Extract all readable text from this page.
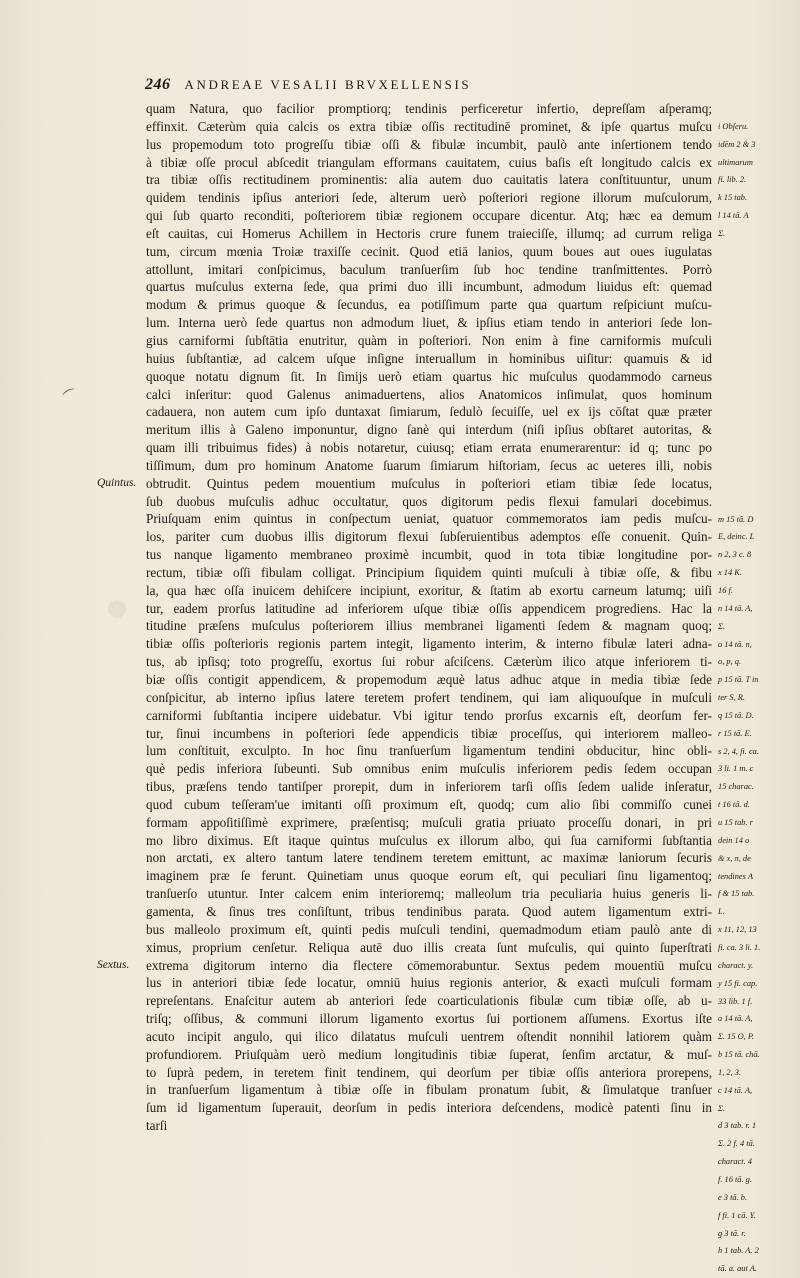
246 ANDREAE VESALII BRVXELLENSIS
Quintus.
Sextus.
quam Natura, quo facilior promptiorq; tendinis perficeretur infertio, depreſſam aſperamq;
effinxit. Cæterùm quia calcis os extra tibiæ oſſis rectitudinē prominet, & ipſe quartus muſcu
lus propemodum toto progreſſu tibiæ oſſi & fibulæ incumbit, paulò ante inſertionem tendo
à tibiæ oſſe procul abſcedit triangulam efformans cauitatem, cuius baſis eſt longitudo calcis ex
tra tibiæ oſſis rectitudinem prominentis: alia autem duo cauitatis latera conſtituuntur, unum
quidem tendinis ipſius anteriori ſede, alterum uerò poſteriori regione illorum muſculorum,
qui ſub quarto reconditi, poſteriorem tibiæ regionem occupare dicentur. Atq; hæc ea demum
eſt cauitas, cui Homerus Achillem in Hectoris crure funem traieciſſe, illumq; ad currum religa
tum, circum mœnia Troiæ traxiſſe cecinit. Quod etiā lanios, quum boues aut oues iugulatas
attollunt, imitari conſpicimus, baculum tranſuerſim ſub hoc tendine tranſmittentes. Porrò
quartus muſculus externa ſede, qua primi duo illi incumbunt, admodum liuidus eſt: quemad
modum & primus quoque & ſecundus, ea potiſſimum parte qua quartum reſpiciunt muſcu-
lum. Interna uerò ſede quartus non admodum liuet, & ipſius etiam tendo in anteriori ſede lon-
gius carniformi ſubſtātia enutritur, quàm in poſteriori. Non enim à fine carniformis muſculi
huius ſubſtantiæ, ad calcem uſque inſigne interuallum in hominibus uiſitur: quamuis & id
quoque notatu dignum ſit. In ſimijs uerò etiam quartus hic muſculus quodammodo carneus
calci inſeritur: quod Galenus animaduertens, alios Anatomicos inſimulat, quos hominum
cadauera, non autem cum ipſo duntaxat ſimiarum, ſedulò ſecuiſſe, uel ex ijs cōſtat quæ præter
meritum illis à Galeno imponuntur, digno ſanè qui interdum (niſi ipſius obſtaret autoritas, &
quam illi tribuimus fides) à nobis notaretur, cuiusq; etiam errata enumerarentur: id q; tunc po
tiſſimum, dum pro hominum Anatome ſuarum ſimiarum hiſtoriam, ſecus ac ueteres illi, nobis
obtrudit. Quintus pedem mouentium muſculus in poſteriori etiam tibiæ ſede locatus,
ſub duobus muſculis adhuc occultatur, quos digitorum pedis flexui famulari docebimus.
Priuſquam enim quintus in conſpectum ueniat, quatuor commemoratos iam pedis muſcu-
los, pariter cum duobus illis digitorum flexui ſubſeruientibus ademptos eſſe conuenit. Quin-
tus nanque ligamento membraneo proximè incumbit, quod in tota tibiæ longitudine por-
rectum, tibiæ oſſi fibulam colligat. Principium ſiquidem quinti muſculi à tibiæ oſſe, & fibu
la, qua hæc oſſa inuicem dehiſcere incipiunt, exoritur, & ſtatim ab exortu carneum latumq; uiſi
tur, eadem prorſus latitudine ad inferiorem uſque tibiæ oſſis appendicem progrediens. Hac la
titudine præſens muſculus poſteriorem illius membranei ligamenti ſedem & magnam quoq;
tibiæ oſſis poſterioris regionis partem integit, ligamento interim, & interno fibulæ lateri adna-
tus, ab ipſisq; toto progreſſu, exortus ſui robur aſciſcens. Cæterùm ilico atque inferiorem ti-
biæ oſſis contigit appendicem, & propemodum æquè latus adhuc atque in media tibiæ ſede
conſpicitur, ab interno ipſius latere teretem profert tendinem, qui iam aliquouſque in muſculi
carniformi ſubſtantia incipere uidebatur. Vbi igitur tendo prorſus excarnis eſt, deorſum fer-
tur, ſinui incumbens in poſteriori ſede appendicis tibiæ proceſſus, qui interiorem malleo-
lum conſtituit, exculpto. In hoc ſinu tranſuerſum ligamentum tendini obducitur, hinc obli-
què pedis inferiora ſubeunti. Sub omnibus enim muſculis inferiorem pedis ſedem occupan
tibus, præſens tendo tantiſper prorepit, dum in inferiorem tarſi oſſis ſedem ualide inſeratur,
quod cubum teſſeram'ue imitanti oſſi proximum eſt, quodq; cum alio ſibi commiſſo cunei
formam appoſitiſſimè exprimere, præſentisq; muſculi gratia priuato proceſſu donari, in pri
mo libro diximus. Eſt itaque quintus muſculus ex illorum albo, qui ſua carniformi ſubſtantia
non arctati, ex altero tantum latere tendinem teretem emittunt, ac maximæ laniorum ſecuris
imaginem præ ſe ferunt. Quinetiam unus quoque eorum eſt, qui peculiari ſinu ligamentoq;
tranſuerſo utuntur. Inter calcem enim interioremq; malleolum tria peculiaria huius generis li-
gamenta, & ſinus tres conſiſtunt, tribus tendinibus parata. Quod autem ligamentum extri-
bus malleolo proximum eſt, quinti pedis muſculi tendini, quemadmodum etiam paulò ante di
ximus, proprium cenſetur. Reliqua autē duo illis creata ſunt muſculis, qui quinto ſuperſtrati
extrema digitorum interno dia flectere cōmemorabuntur. Sextus pedem mouentiū muſcu
lus in anteriori tibiæ ſede locatur, omniū huius regionis anterior, & exactì muſculi formam
repreſentans. Enaſcitur autem ab anteriori ſede coarticulationis fibulæ cum tibiæ oſſe, ab u-
triſq; oſſibus, & communi illorum ligamento exortus ſui portionem aſſumens. Exortus iſte
acuto incipit angulo, qui ilico dilatatus muſculi uentrem oſtendit nonnihil latiorem quàm
profundiorem. Priuſquàm uerò medium longitudinis tibiæ ſuperat, ſenſim arctatur, & muſ-
to ſuprà pedem, in teretem finit tendinem, qui deorſum per tibiæ oſſis anteriora prorepens,
in tranſuerſum ligamentum à tibiæ oſſe in fibulam pronatum ſubit, & ſimulatque tranſuer
ſum id ligamentum ſuperauit, deorſum in pedis interiora deſcendens, modicè patenti ſinu in
tarſi
i Obſeru.
idēm 2 & 3
ultimarum
fi. lib. 2.
k 15 tab.
l 14 tā. A
Σ.
m 15 tā. D
E, deinc. L
n 2, 3 c. 8
x 14 K.
16 f.
n 14 tā. A,
Σ.
o 14 tā. n,
o, p, q.
p 15 tā. T in
ter S, R.
q 15 tā. D.
r 15 tā. E.
s 2, 4, ſi. ca.
3 li. 1 m. c
15 charac.
t 16 tā. d.
u 15 tab. r
dein 14 o
& x, π, de
tendines A
f & 15 tab.
L.
x 11, 12, 13
fi. ca. 3 li. 1.
charact. y.
y 15 fi. cap.
33 lib. 1 f.
a 14 tā. A,
Σ. 15 O, P.
b 15 tā. chā.
1, 2, 3.
c 14 tā. A,
Σ.
d 3 tab. r. 1
Σ. 2 f. 4 tā.
charact. 4
f. 16 tā. g.
e 3 tā. b.
f fi. 1 cā. Y.
g 3 tā. r.
h 1 tab. A. 2
tā. a. aut A.
⁀
